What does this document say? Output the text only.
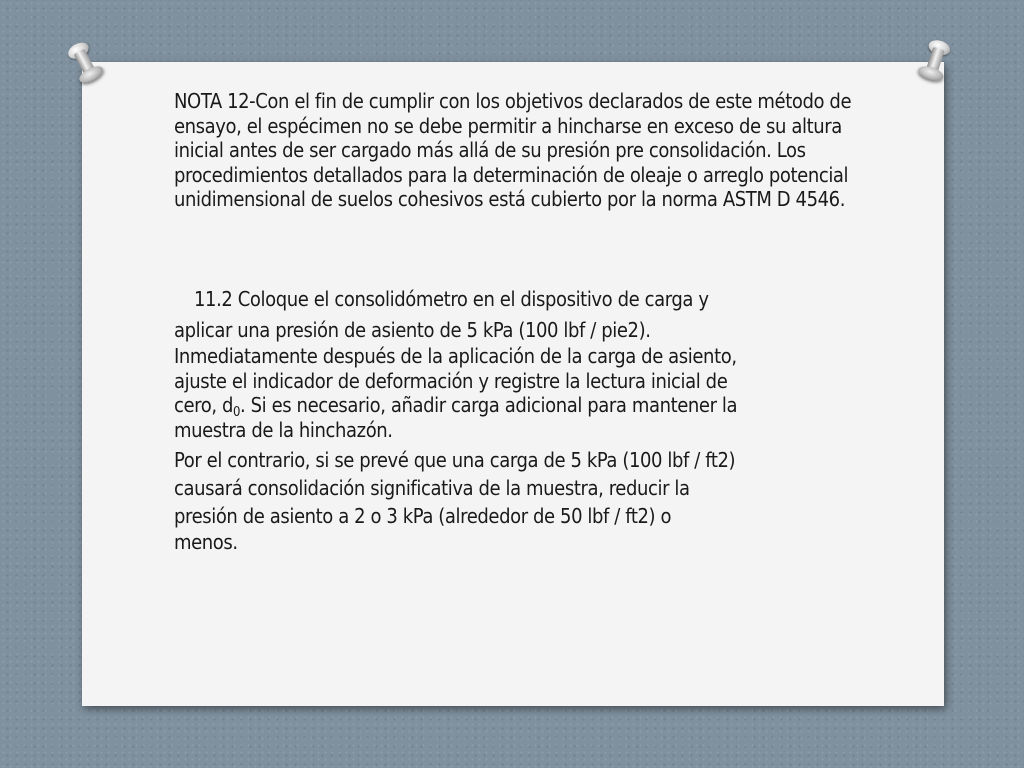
NOTA 12-Con el fin de cumplir con los objetivos declarados de este método de ensayo, el espécimen no se debe permitir a hincharse en exceso de su altura inicial antes de ser cargado más allá de su presión pre consolidación. Los procedimientos detallados para la determinación de oleaje o arreglo potencial unidimensional de suelos cohesivos está cubierto por la norma ASTM D 4546.
11.2 Coloque el consolidómetro en el dispositivo de carga y
aplicar una presión de asiento de 5 kPa (100 lbf / pie2).
Inmediatamente después de la aplicación de la carga de asiento,
ajuste el indicador de deformación y registre la lectura inicial de
cero, $d_0$. Si es necesario, añadir carga adicional para mantener la
muestra de la hinchazón.
Por el contrario, si se prevé que una carga de 5 kPa (100 lbf / ft2)
causará consolidación significativa de la muestra, reducir la
presión de asiento a 2 o 3 kPa (alrededor de 50 lbf / ft2) o
menos.
